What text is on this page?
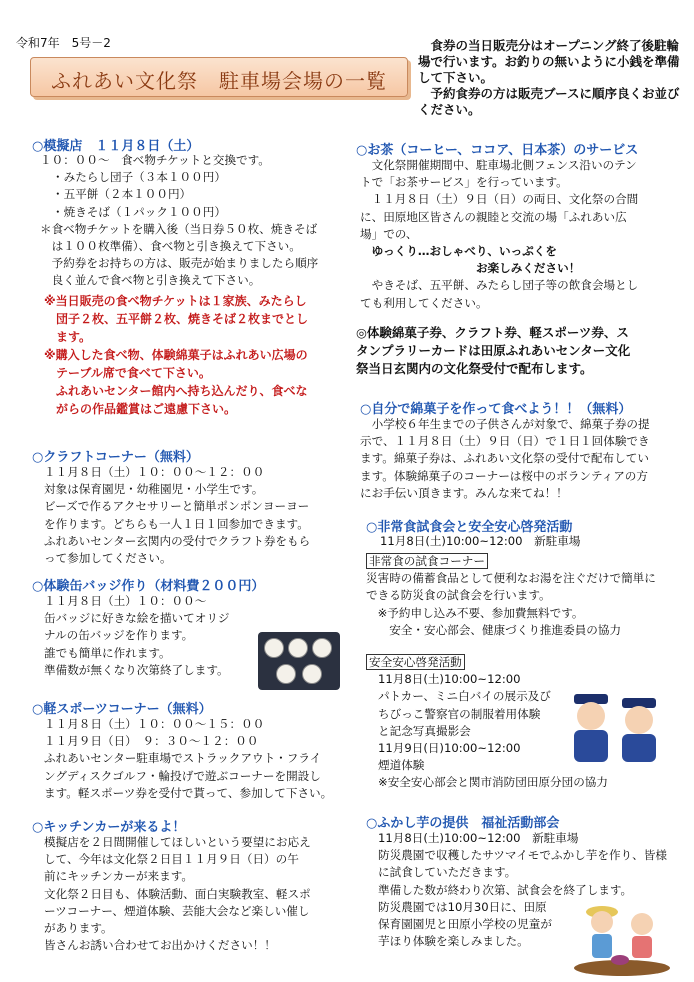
令和7年　5号－2
ふれあい文化祭　駐車場会場の一覧

食券の当日販売分はオープニング終了後駐輪場で行います。お釣りの無いように小銭を準備して下さい。

予約食券の方は販売ブースに順序良くお並びください。

○模擬店　１１月８日（土）
１０：００～　食べ物チケットと交換です。
・みたらし団子（３本１００円）
・五平餅（２本１００円）
・焼きそば（１パック１００円）
＊食べ物チケットを購入後（当日券５０枚、焼きそば
　は１００枚準備）、食べ物と引き換えて下さい。
　予約券をお持ちの方は、販売が始まりましたら順序
　良く並んで食べ物と引き換えて下さい。
※当日販売の食べ物チケットは１家族、みたらし
　団子２枚、五平餅２枚、焼きそば２枚までとし
　ます。
※購入した食べ物、体験綿菓子はふれあい広場の
　テーブル席で食べて下さい。
　ふれあいセンター館内へ持ち込んだり、食べな
　がらの作品鑑賞はご遠慮下さい。
○クラフトコーナー（無料）
１１月８日（土）１０：００～１２：００
対象は保育園児・幼稚園児・小学生です。
ビーズで作るアクセサリーと簡単ポンポンヨーヨー
を作ります。どちらも一人１日１回参加できます。
ふれあいセンター玄関内の受付でクラフト券をもら
って参加してください。
○体験缶バッジ作り（材料費２００円）
１１月８日（土）１０：００～
缶バッジに好きな絵を描いてオリジ
ナルの缶バッジを作ります。
誰でも簡単に作れます。
準備数が無くなり次第終了します。
○軽スポーツコーナー（無料）
１１月８日（土）１０：００～１５：００
１１月９日（日）　９：３０～１２：００
ふれあいセンター駐車場でストラックアウト・フライ
ングディスクゴルフ・輪投げで遊ぶコーナーを開設し
ます。軽スポーツ券を受付で貰って、参加して下さい。
○キッチンカーが来るよ！
模擬店を２日間開催してほしいという要望にお応え
して、今年は文化祭２日目１１月９日（日）の午
前にキッチンカーが来ます。
文化祭２日目も、体験活動、面白実験教室、軽スポ
ーツコーナー、煙道体験、芸能大会など楽しい催し
があります。
皆さんお誘い合わせてお出かけください！！
○お茶（コーヒー、ココア、日本茶）のサービス
　文化祭開催期間中、駐車場北側フェンス沿いのテン
トで「お茶サービス」を行っています。
　１１月８日（土）９日（日）の両日、文化祭の合間
に、田原地区皆さんの親睦と交流の場「ふれあい広
場」での、
　ゆっくり…おしゃべり、いっぷくを
　　　　　　　　　　お楽しみください！
　やきそば、五平餅、みたらし団子等の飲食会場とし
ても利用してください。
◎体験綿菓子券、クラフト券、軽スポーツ券、ス
タンプラリーカードは田原ふれあいセンター文化
祭当日玄関内の文化祭受付で配布します。
○自分で綿菓子を作って食べよう！！（無料）
　小学校６年生までの子供さんが対象で、綿菓子券の提
示で、１１月８日（土）９日（日）で１日１回体験でき
ます。綿菓子券は、ふれあい文化祭の受付で配布してい
ます。体験綿菓子のコーナーは桜中のボランティアの方
にお手伝い頂きます。みんな来てね！！
○非常食試食会と安全安心啓発活動
11月8日(土)10:00~12:00　新駐車場
非常食の試食コーナー
災害時の備蓄食品として便利なお湯を注ぐだけで簡単に
できる防災食の試食会を行います。
　※予約申し込み不要、参加費無料です。
　　安全・安心部会、健康づくり推進委員の協力
安全安心啓発活動
11月8日(土)10:00~12:00
パトカー、ミニ白バイの展示及び
ちびっこ警察官の制服着用体験
と記念写真撮影会
11月9日(日)10:00~12:00
煙道体験
※安全安心部会と関市消防団田原分団の協力
○ふかし芋の提供　福祉活動部会
11月8日(土)10:00~12:00　新駐車場
防災農園で収穫したサツマイモでふかし芋を作り、皆様
に試食していただきます。
準備した数が終わり次第、試食会を終了します。
防災農園では10月30日に、田原
保育園園児と田原小学校の児童が
芋ほり体験を楽しみました。
